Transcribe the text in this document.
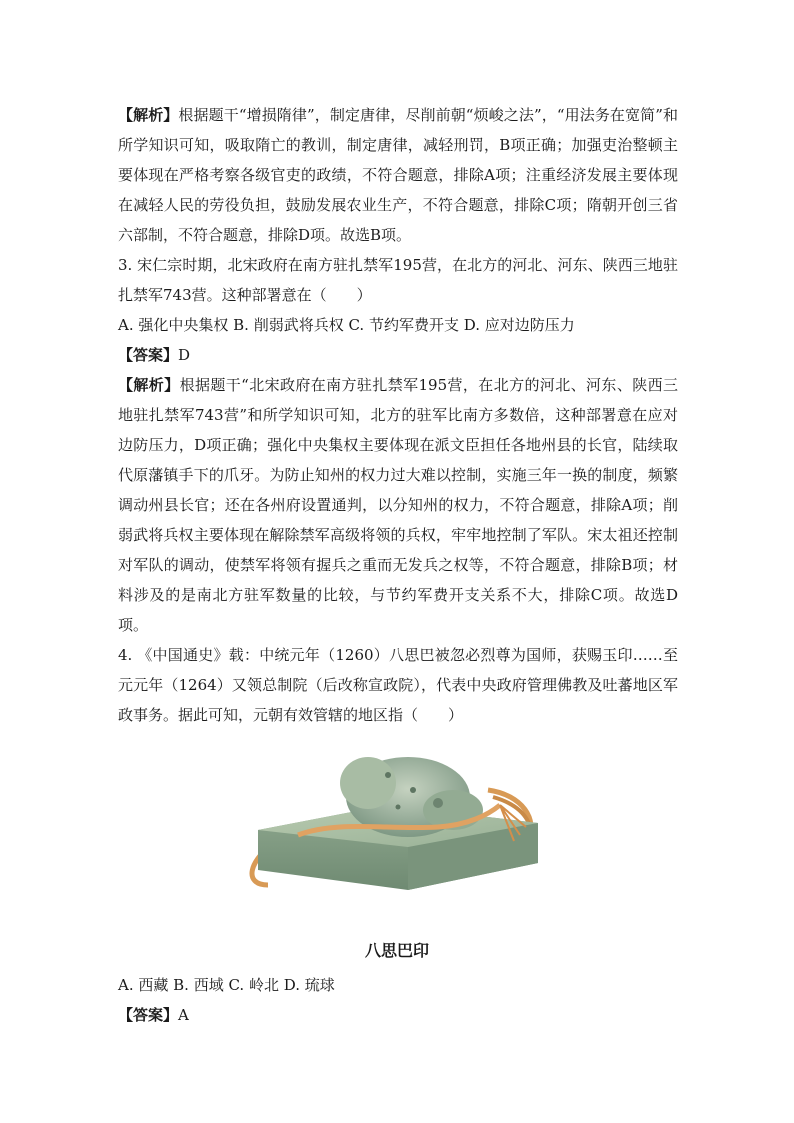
【解析】根据题干“增损隋律”，制定唐律，尽削前朝“烦峻之法”，“用法务在宽简”和所学知识可知，吸取隋亡的教训，制定唐律，减轻刑罚，B项正确；加强吏治整顿主要体现在严格考察各级官吏的政绩，不符合题意，排除A项；注重经济发展主要体现在减轻人民的劳役负担，鼓励发展农业生产，不符合题意，排除C项；隋朝开创三省六部制，不符合题意，排除D项。故选B项。

3. 宋仁宗时期，北宋政府在南方驻扎禁军195营，在北方的河北、河东、陕西三地驻扎禁军743营。这种部署意在（　　）

A. 强化中央集权 B. 削弱武将兵权 C. 节约军费开支 D. 应对边防压力

【答案】D

【解析】根据题干“北宋政府在南方驻扎禁军195营，在北方的河北、河东、陕西三地驻扎禁军743营”和所学知识可知，北方的驻军比南方多数倍，这种部署意在应对边防压力，D项正确；强化中央集权主要体现在派文臣担任各地州县的长官，陆续取代原藩镇手下的爪牙。为防止知州的权力过大难以控制，实施三年一换的制度，频繁调动州县长官；还在各州府设置通判，以分知州的权力，不符合题意，排除A项；削弱武将兵权主要体现在解除禁军高级将领的兵权，牢牢地控制了军队。宋太祖还控制对军队的调动，使禁军将领有握兵之重而无发兵之权等，不符合题意，排除B项；材料涉及的是南北方驻军数量的比较，与节约军费开支关系不大，排除C项。故选D项。

4. 《中国通史》载：中统元年（1260）八思巴被忽必烈尊为国师，获赐玉印……至元元年（1264）又领总制院（后改称宣政院），代表中央政府管理佛教及吐蕃地区军政事务。据此可知，元朝有效管辖的地区指（　　）

八思巴印

A. 西藏 B. 西域 C. 岭北 D. 琉球

【答案】A
